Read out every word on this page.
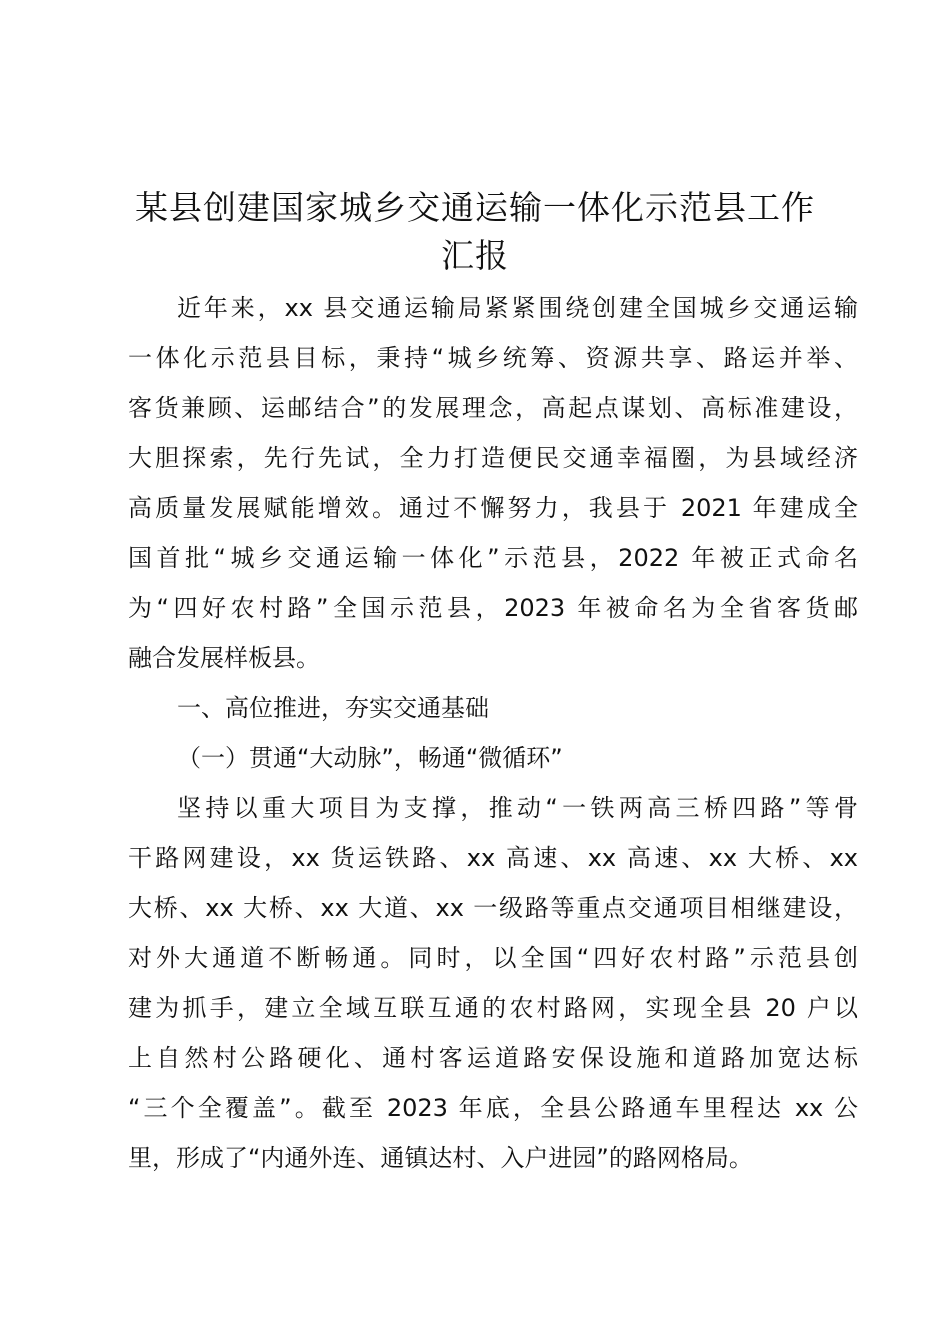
某县创建国家城乡交通运输一体化示范县工作
汇报
近年来，xx 县交通运输局紧紧围绕创建全国城乡交通运输
一体化示范县目标，秉持“城乡统筹、资源共享、路运并举、
客货兼顾、运邮结合”的发展理念，高起点谋划、高标准建设，
大胆探索，先行先试，全力打造便民交通幸福圈，为县域经济
高质量发展赋能增效。通过不懈努力，我县于 2021 年建成全
国首批“城乡交通运输一体化”示范县，2022 年被正式命名
为“四好农村路”全国示范县，2023 年被命名为全省客货邮
融合发展样板县。
一、高位推进，夯实交通基础
（一）贯通“大动脉”，畅通“微循环”
坚持以重大项目为支撑，推动“一铁两高三桥四路”等骨
干路网建设，xx 货运铁路、xx 高速、xx 高速、xx 大桥、xx
大桥、xx 大桥、xx 大道、xx 一级路等重点交通项目相继建设，
对外大通道不断畅通。同时，以全国“四好农村路”示范县创
建为抓手，建立全域互联互通的农村路网，实现全县 20 户以
上自然村公路硬化、通村客运道路安保设施和道路加宽达标
“三个全覆盖”。截至 2023 年底，全县公路通车里程达 xx 公
里，形成了“内通外连、通镇达村、入户进园”的路网格局。
